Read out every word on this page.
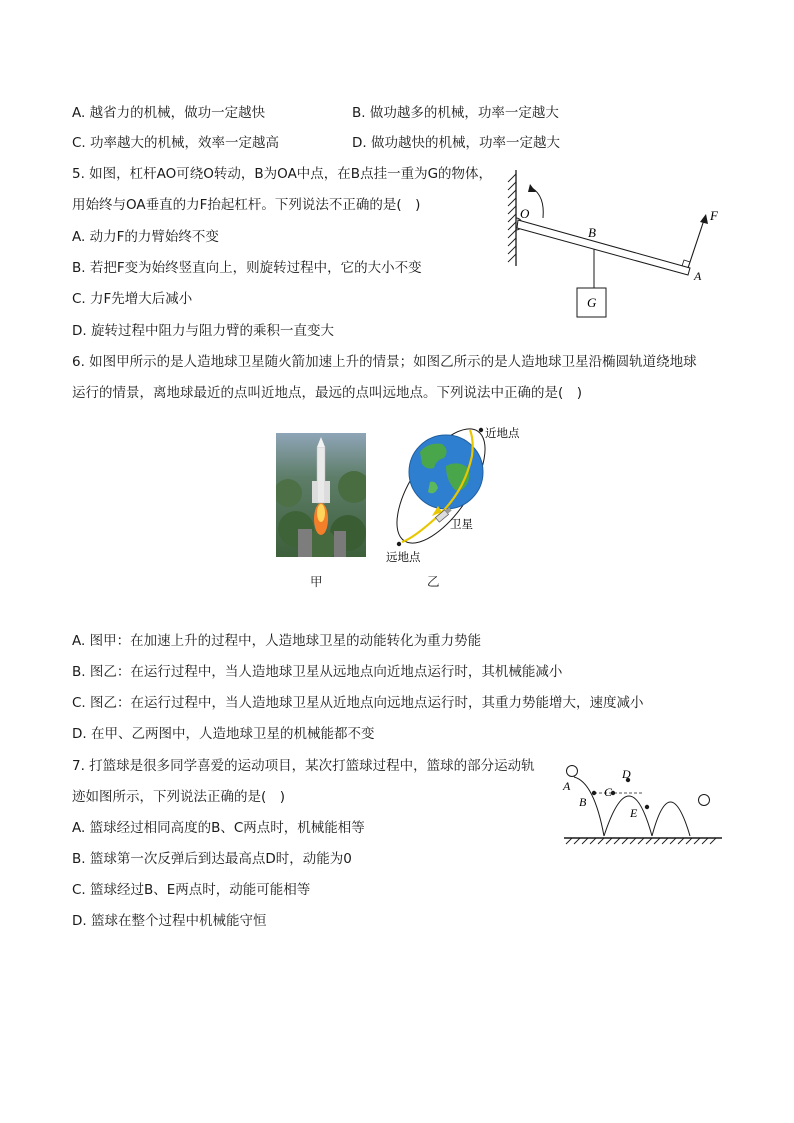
A. 越省力的机械，做功一定越快	B. 做功越多的机械，功率一定越大
C. 功率越大的机械，效率一定越高	D. 做功越快的机械，功率一定越大
5. 如图，杠杆AO可绕O转动，B为OA中点，在B点挂一重为G的物体，
用始终与OA垂直的力F抬起杠杆。下列说法不正确的是(　)
A. 动力F的力臂始终不变
B. 若把F变为始终竖直向上，则旋转过程中，它的大小不变
C. 力F先增大后减小
D. 旋转过程中阻力与阻力臂的乘积一直变大
O
B
F
A
G
6. 如图甲所示的是人造地球卫星随火箭加速上升的情景；如图乙所示的是人造地球卫星沿椭圆轨道绕地球
运行的情景，离地球最近的点叫近地点，最远的点叫远地点。下列说法中正确的是(　)
近地点
卫星
远地点
甲	乙
A. 图甲：在加速上升的过程中，人造地球卫星的动能转化为重力势能
B. 图乙：在运行过程中，当人造地球卫星从远地点向近地点运行时，其机械能减小
C. 图乙：在运行过程中，当人造地球卫星从近地点向远地点运行时，其重力势能增大，速度减小
D. 在甲、乙两图中，人造地球卫星的机械能都不变
7. 打篮球是很多同学喜爱的运动项目，某次打篮球过程中，篮球的部分运动轨
迹如图所示，下列说法正确的是(　)
A. 篮球经过相同高度的B、C两点时，机械能相等
B. 篮球第一次反弹后到达最高点D时，动能为0
C. 篮球经过B、E两点时，动能可能相等
D. 篮球在整个过程中机械能守恒
A
B
C
D
E
